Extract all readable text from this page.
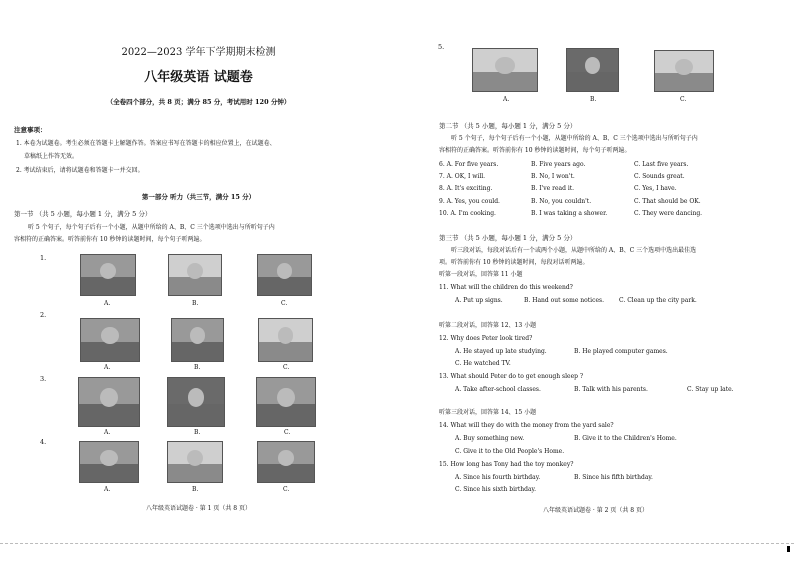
2022—2023 学年下学期期末检测
八年级英语 试题卷
（全卷四个部分，共 8 页；满分 85 分，考试用时 120 分钟）
注意事项：
1. 本卷为试题卷。考生必须在答题卡上解题作答。答案应书写在答题卡的相应位置上，在试题卷、
草稿纸上作答无效。
2. 考试结束后，请将试题卷和答题卡一并交回。
第一部分 听力（共三节，满分 15 分）
第一节 （共 5 小题，每小题 1 分，满分 5 分）
听 5 个句子，每个句子后有一个小题，从题中所给的 A、B、C 三个选项中选出与所听句子内
容相符的正确答案。听答前你有 10 秒钟的读题时间，每个句子听两遍。
1.
A.	B.	C.
2.
A.	B.	C.
3.
A.	B.	C.
4.
A.	B.	C.
八年级英语试题卷 · 第 1 页（共 8 页）
5.
A.	B.	C.
第二节 （共 5 小题，每小题 1 分，满分 5 分）
听 5 个句子，每个句子后有一个小题，从题中所给的 A、B、C 三个选项中选出与所听句子内
容相符的正确答案。听答前你有 10 秒钟的读题时间，每个句子听两遍。
6. A. For five years.	B. Five years ago.	C. Last five years.
7. A. OK, I will.	B. No, I won't.	C. Sounds great.
8. A. It's exciting.	B. I've read it.	C. Yes, I have.
9. A. Yes, you could.	B. No, you couldn't.	C. That should be OK.
10. A. I'm cooking.	B. I was taking a shower.	C. They were dancing.
第三节 （共 5 小题，每小题 1 分，满分 5 分）
听三段对话，每段对话后有一个或两个小题，从题中所给的 A、B、C 三个选项中选出最佳选
项。听答前你有 10 秒钟的读题时间，每段对话听两遍。
听第一段对话，回答第 11 小题
11. What will the children do this weekend?
A. Put up signs.	B. Hand out some notices.	C. Clean up the city park.
听第二段对话，回答第 12、13 小题
12. Why does Peter look tired?
A. He stayed up late studying.	B. He played computer games.
C. He watched TV.
13. What should Peter do to get enough sleep ?
A. Take after-school classes.	B. Talk with his parents.	C. Stay up late.
听第三段对话，回答第 14、15 小题
14. What will they do with the money from the yard sale?
A. Buy something new.	B. Give it to the Children's Home.
C. Give it to the Old People's Home.
15. How long has Tony had the toy monkey?
A. Since his fourth birthday.	B. Since his fifth birthday.
C. Since his sixth birthday.
八年级英语试题卷 · 第 2 页（共 8 页）
